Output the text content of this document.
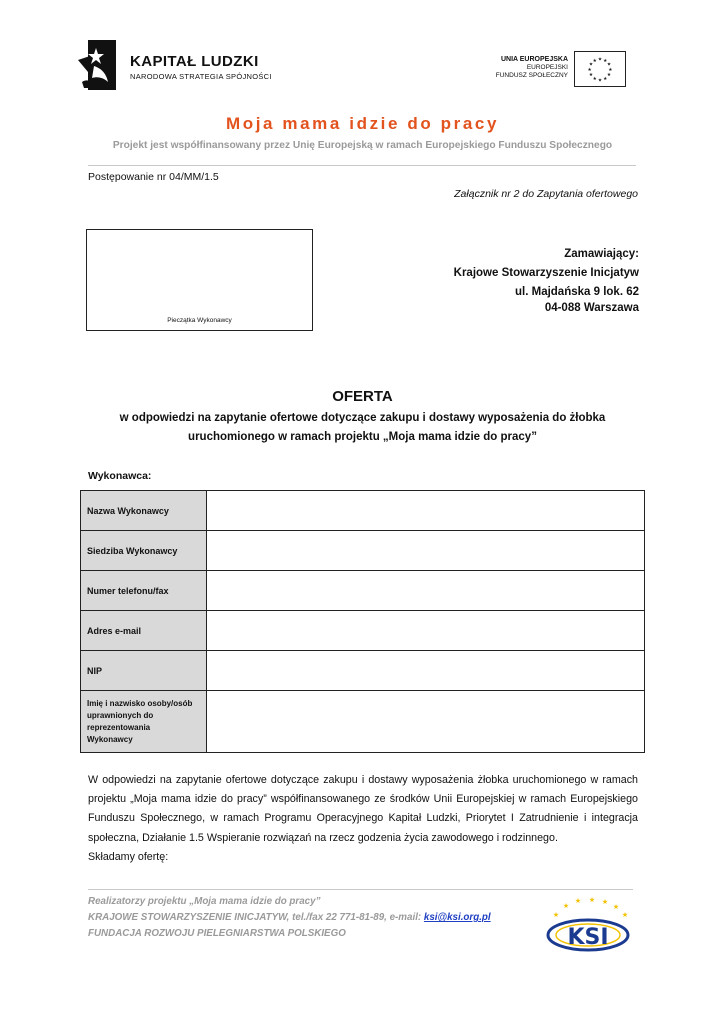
KAPITAŁ LUDZKI
NARODOWA STRATEGIA SPÓJNOŚCI
UNIA EUROPEJSKA
EUROPEJSKI
FUNDUSZ SPOŁECZNY
★ ★
★
★
★
★
★
★
★
★
★
★
Moja mama idzie do pracy
Projekt jest współfinansowany przez Unię Europejską w ramach Europejskiego Funduszu Społecznego
Postępowanie nr 04/MM/1.5
Załącznik nr 2 do Zapytania ofertowego
Pieczątka Wykonawcy
Zamawiający:
Krajowe Stowarzyszenie Inicjatyw
ul. Majdańska 9 lok. 62
04-088 Warszawa
OFERTA
w odpowiedzi na zapytanie ofertowe dotyczące zakupu i dostawy wyposażenia do żłobka
uruchomionego w ramach projektu „Moja mama idzie do pracy”
Wykonawca:
Nazwa Wykonawcy	
Siedziba Wykonawcy	
Numer telefonu/fax	
Adres e-mail	
NIP	

Imię i nazwisko osoby/osób
uprawnionych do
reprezentowania
Wykonawcy	

W odpowiedzi na zapytanie ofertowe dotyczące zakupu i dostawy wyposażenia żłobka uruchomionego w ramach projektu „Moja mama idzie do pracy” współfinansowanego ze środków Unii Europejskiej w ramach Europejskiego Funduszu Społecznego, w ramach Programu Operacyjnego Kapitał Ludzki, Priorytet I Zatrudnienie i integracja społeczna, Działanie 1.5 Wspieranie rozwiązań na rzecz godzenia życia zawodowego i rodzinnego.
Składamy ofertę:
Realizatorzy projektu „Moja mama idzie do pracy”
KRAJOWE STOWARZYSZENIE INICJATYW, tel./fax 22 771-81-89, e-mail: ksi@ksi.org.pl
FUNDACJA ROZWOJU PIELEGNIARSTWA POLSKIEGO
★
★
★ ★ ★
★
★
KSI
